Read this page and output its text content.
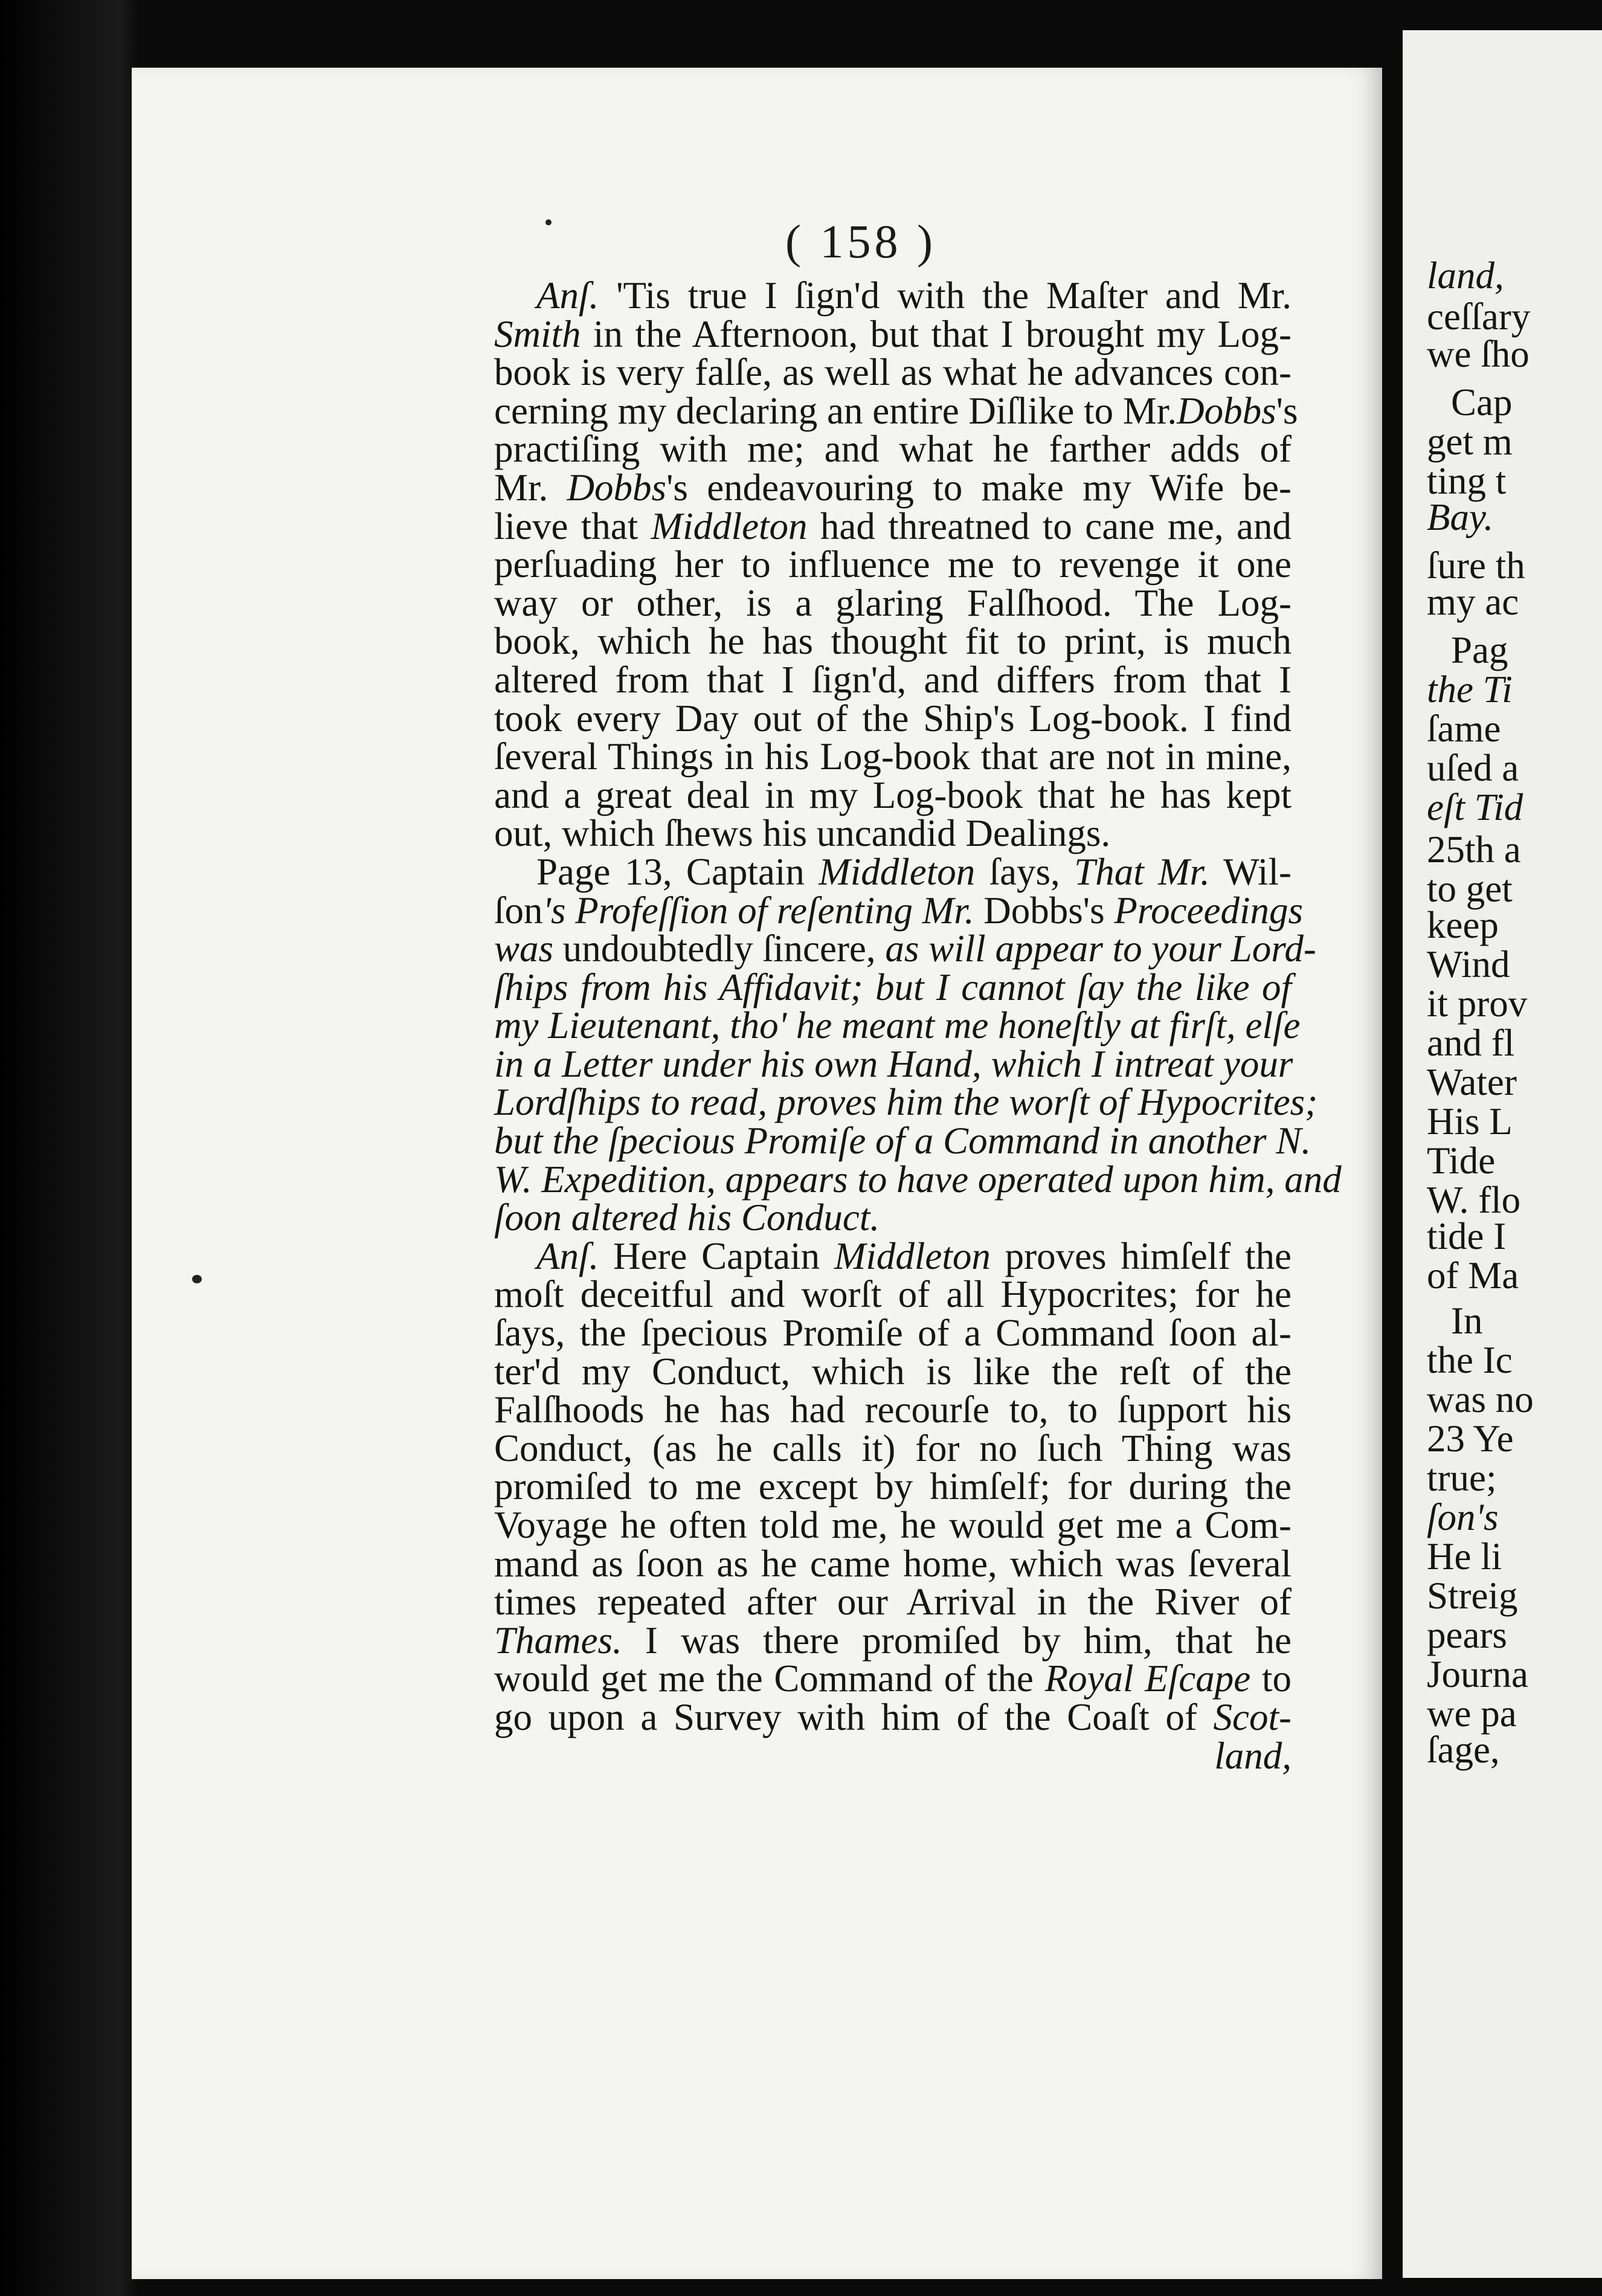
( 158 )
Anſ. 'Tis true I ſign'd with the Maſter and Mr.
Smith in the Afternoon, but that I brought my Log-
book is very falſe, as well as what he advances con-
cerning my declaring an entire Diſlike to Mr.Dobbs's
practiſing with me; and what he farther adds of
Mr. Dobbs's endeavouring to make my Wife be-
lieve that Middleton had threatned to cane me, and
perſuading her to influence me to revenge it one
way or other, is a glaring Falſhood. The Log-
book, which he has thought fit to print, is much
altered from that I ſign'd, and differs from that I
took every Day out of the Ship's Log-book. I find
ſeveral Things in his Log-book that are not in mine,
and a great deal in my Log-book that he has kept
out, which ſhews his uncandid Dealings.
Page 13, Captain Middleton ſays, That Mr. Wil-
ſon's Profeſſion of reſenting Mr. Dobbs's Proceedings
was undoubtedly ſincere, as will appear to your Lord-
ſhips from his Affidavit; but I cannot ſay the like of
my Lieutenant, tho' he meant me honeſtly at firſt, elſe
in a Letter under his own Hand, which I intreat your
Lordſhips to read, proves him the worſt of Hypocrites;
but the ſpecious Promiſe of a Command in another N.
W. Expedition, appears to have operated upon him, and
ſoon altered his Conduct.
Anſ. Here Captain Middleton proves himſelf the
moſt deceitful and worſt of all Hypocrites; for he
ſays, the ſpecious Promiſe of a Command ſoon al-
ter'd my Conduct, which is like the reſt of the
Falſhoods he has had recourſe to, to ſupport his
Conduct, (as he calls it) for no ſuch Thing was
promiſed to me except by himſelf; for during the
Voyage he often told me, he would get me a Com-
mand as ſoon as he came home, which was ſeveral
times repeated after our Arrival in the River of
Thames. I was there promiſed by him, that he
would get me the Command of the Royal Eſcape to
go upon a Survey with him of the Coaſt of Scot-
land,
land,
ceſſary
we ſho
Cap
get m
ting t
Bay.
ſure th
my ac
Pag
the Ti
ſame
uſed a
eſt Tid
25th a
to get
keep
Wind
it prov
and fl
Water
His L
Tide
W. flo
tide I
of Ma
In
the Ic
was no
23 Ye
true;
ſon's
He li
Streig
pears
Journa
we pa
ſage,
